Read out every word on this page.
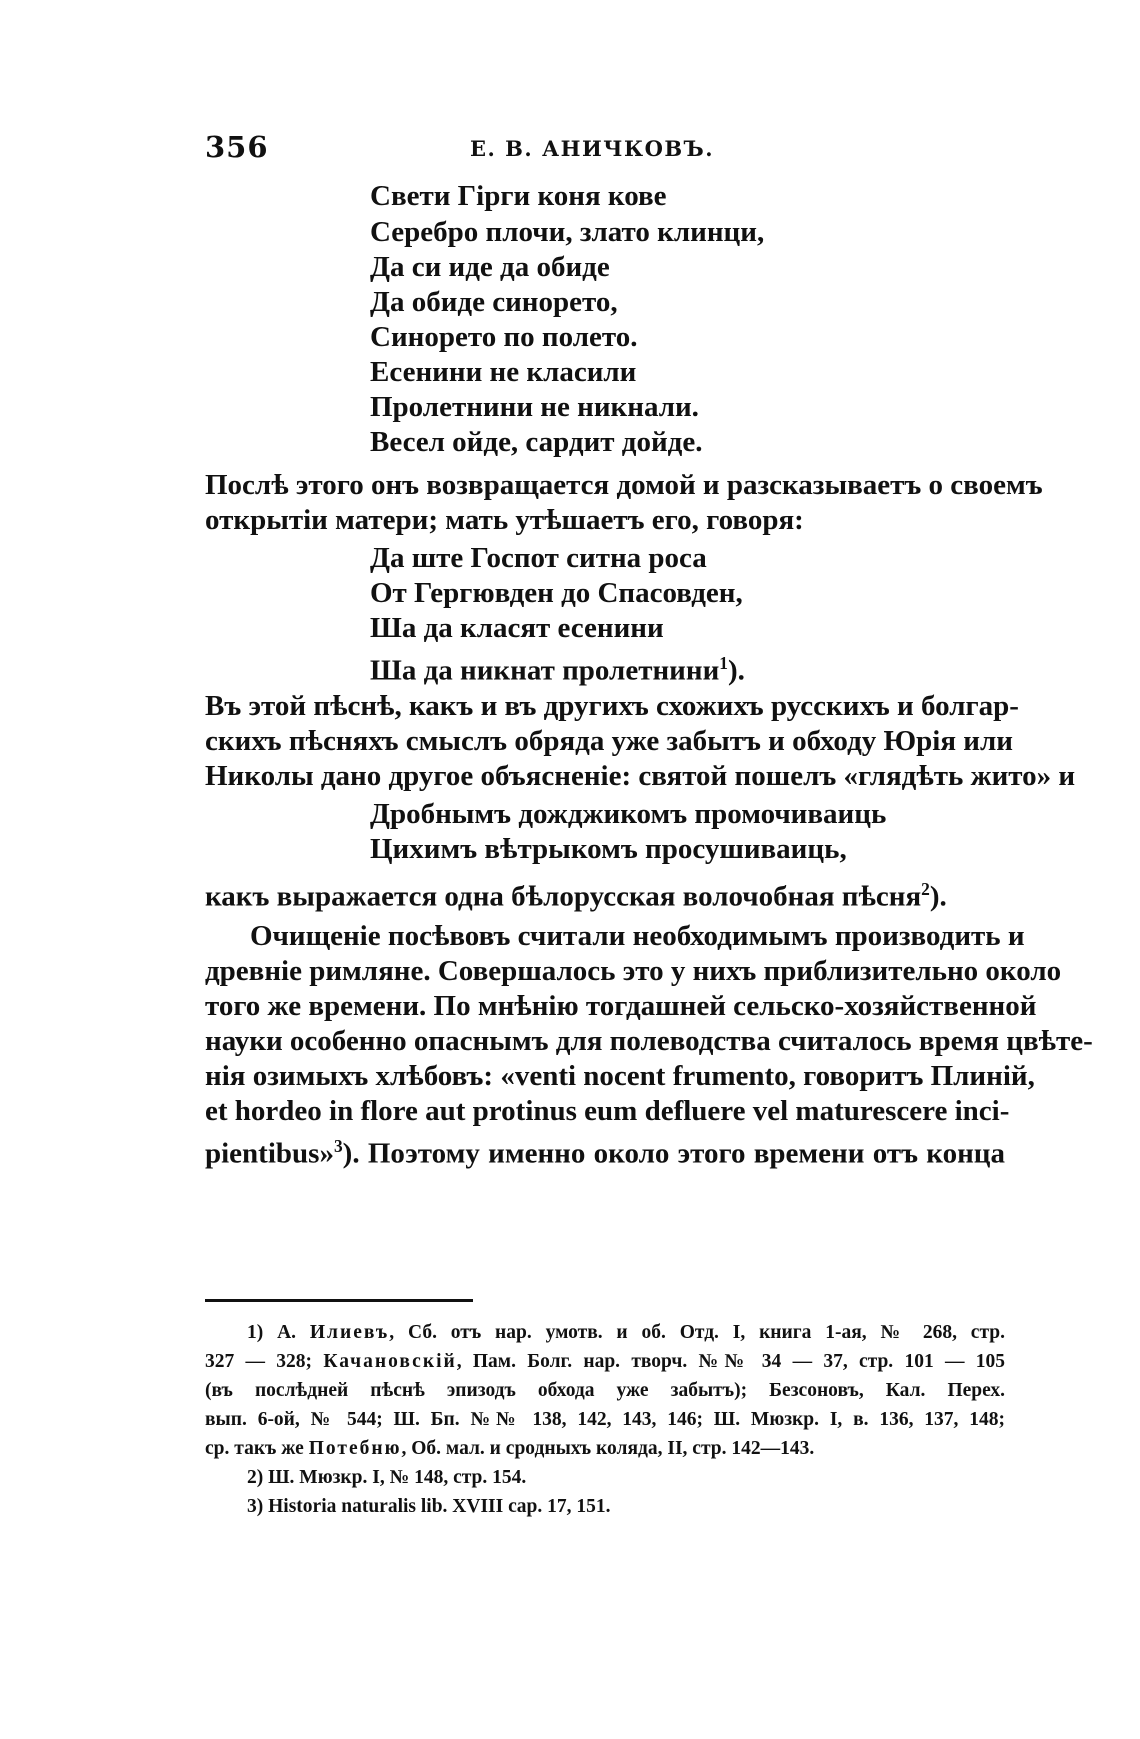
356	Е. В. АНИЧКОВЪ.
Свети Гірги коня кове
Серебро плочи, злато клинци,
Да си иде да обиде
Да обиде синорето,
Синорето по полето.
Есенини не класили
Пролетнини не никнали.
Весел ойде, сардит дойде.
Послѣ этого онъ возвращается домой и разсказываетъ о своемъ
открытіи матери; мать утѣшаетъ его, говоря:
Да ште Госпот ситна роса
От Гергювден до Спасовден,
Ша да класят есенини
Ша да никнат пролетнини$^1$).
Въ этой пѣснѣ, какъ и въ другихъ схожихъ русскихъ и болгар-
скихъ пѣсняхъ смыслъ обряда уже забытъ и обходу Юрія или
Николы дано другое объясненіе: святой пошелъ «глядѣть жито» и
Дробнымъ дожджикомъ промочиваиць
Цихимъ вѣтрыкомъ просушиваиць,
какъ выражается одна бѣлорусская волочобная пѣсня$^2$).
Очищеніе посѣвовъ считали необходимымъ производить и
древніе римляне. Совершалось это у нихъ приблизительно около
того же времени. По мнѣнію тогдашней сельско-хозяйственной
науки особенно опаснымъ для полеводства считалось время цвѣте-
нія озимыхъ хлѣбовъ: «venti nocent frumento, говоритъ Плиній,
et hordeo in flore aut protinus eum defluere vel maturescere inci-
pientibus»$^3$). Поэтому именно около этого времени отъ конца
1) А. Илиевъ, Сб. отъ нар. умотв. и об. Отд. I, книга 1-ая, № 268, стр.
327 — 328; Качановскій, Пам. Болг. нар. творч. №№ 34 — 37, стр. 101 — 105
(въ послѣдней пѣснѣ эпизодъ обхода уже забытъ); Безсоновъ, Кал. Перех.
вып. 6-ой, № 544; Ш. Бп. №№ 138, 142, 143, 146; Ш. Мюзкр. I, в. 136, 137, 148;
ср. такъ же Потебню, Об. мал. и сродныхъ коляда, II, стр. 142—143.
2) Ш. Мюзкр. I, № 148, стр. 154.
3) Historia naturalis lib. XVIII cap. 17, 151.
